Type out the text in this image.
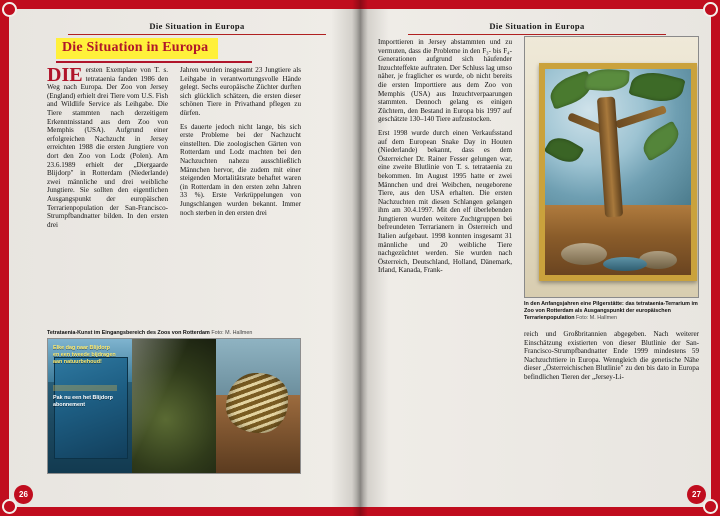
Die Situation in Europa
Die Situation in Europa

DIE ersten Exemplare von T. s. tetrataenia fanden 1986 den Weg nach Europa. Der Zoo von Jersey (England) erhielt drei Tiere vom U.S. Fish and Wildlife Service als Leihgabe. Die Tiere stammten nach derzeitigem Erkenntnisstand aus dem Zoo von Memphis (USA). Aufgrund einer erfolgreichen Nachzucht in Jersey erreichten 1988 die ersten Jungtiere von dort den Zoo von Lodz (Polen). Am 23.6.1989 erhielt der „Diergaarde Blijdorp" in Rotterdam (Niederlande) zwei männliche und drei weibliche Jungtiere. Sie sollten den eigentlichen Ausgangspunkt der europäischen Terrarienpopulation der San-Francisco-Strumpfbandnatter bilden. In den ersten drei

Jahren wurden insgesamt 23 Jungtiere als Leihgabe in verantwortungsvolle Hände gelegt. Sechs europäische Züchter durften sich glücklich schätzen, die ersten dieser schönen Tiere in Privathand pflegen zu dürfen.

Es dauerte jedoch nicht lange, bis sich erste Probleme bei der Nachzucht einstellten. Die zoologischen Gärten von Rotterdam und Lodz machten bei den Nachzuchten nahezu ausschließlich Männchen hervor, die zudem mit einer steigenden Mortalitätsrate behaftet waren (in Rotterdam in den ersten zehn Jahren 33 %). Erste Verkrüppelungen von Jungschlangen wurden bekannt. Immer noch sterben in den ersten drei

Tetrataenia-Kunst im Eingangsbereich des Zoos von Rotterdam Foto: M. Hallmen
Elke dag naar Blijdorp en een tweede bijdragen aan natuurbehoud!
Pak nu een het Blijdorp abonnement
26
Die Situation in Europa

Importtieren in Jersey abstammten und zu vermuten, dass die Probleme in den F₃- bis F₄-Generationen aufgrund sich häufender Inzuchteffekte auftraten. Der Schluss lag umso näher, je fraglicher es wurde, ob nicht bereits die ersten Importtiere aus dem Zoo von Memphis (USA) aus Inzuchtverpaarungen stammten. Dennoch gelang es einigen Züchtern, den Bestand in Europa bis 1997 auf geschätzte 130–140 Tiere aufzustocken.

Erst 1998 wurde durch einen Verkaufsstand auf dem European Snake Day in Houten (Niederlande) bekannt, dass es dem Österreicher Dr. Rainer Fesser gelungen war, eine zweite Blutlinie von T. s. tetrataenia zu bekommen. Im August 1995 hatte er zwei Männchen und drei Weibchen, neugeborene Tiere, aus den USA erhalten. Die ersten Nachzuchten mit diesen Schlangen gelangen ihm am 30.4.1997. Mit den elf überlebenden Jungtieren wurden weitere Zuchtgruppen bei befreundeten Terrarianern in Österreich und Italien aufgebaut. 1998 konnten insgesamt 31 männliche und 20 weibliche Tiere nachgezüchtet werden. Sie wurden nach Österreich, Deutschland, Holland, Dänemark, Irland, Kanada, Frank-

In den Anfangsjahren eine Pilgerstätte: das tetrataenia-Terrarium im Zoo von Rotterdam als Ausgangspunkt der europäischen Terrarienpopulation Foto: M. Hallmen

reich und Großbritannien abgegeben. Nach weiterer Einschätzung existierten von dieser Blutlinie der San-Francisco-Strumpfbandnatter Ende 1999 mindestens 59 Nachzuchttiere in Europa. Wenngleich die genetische Nähe dieser „Österreichischen Blutlinie" zu den bis dato in Europa befindlichen Tieren der „Jersey-Li-

27
